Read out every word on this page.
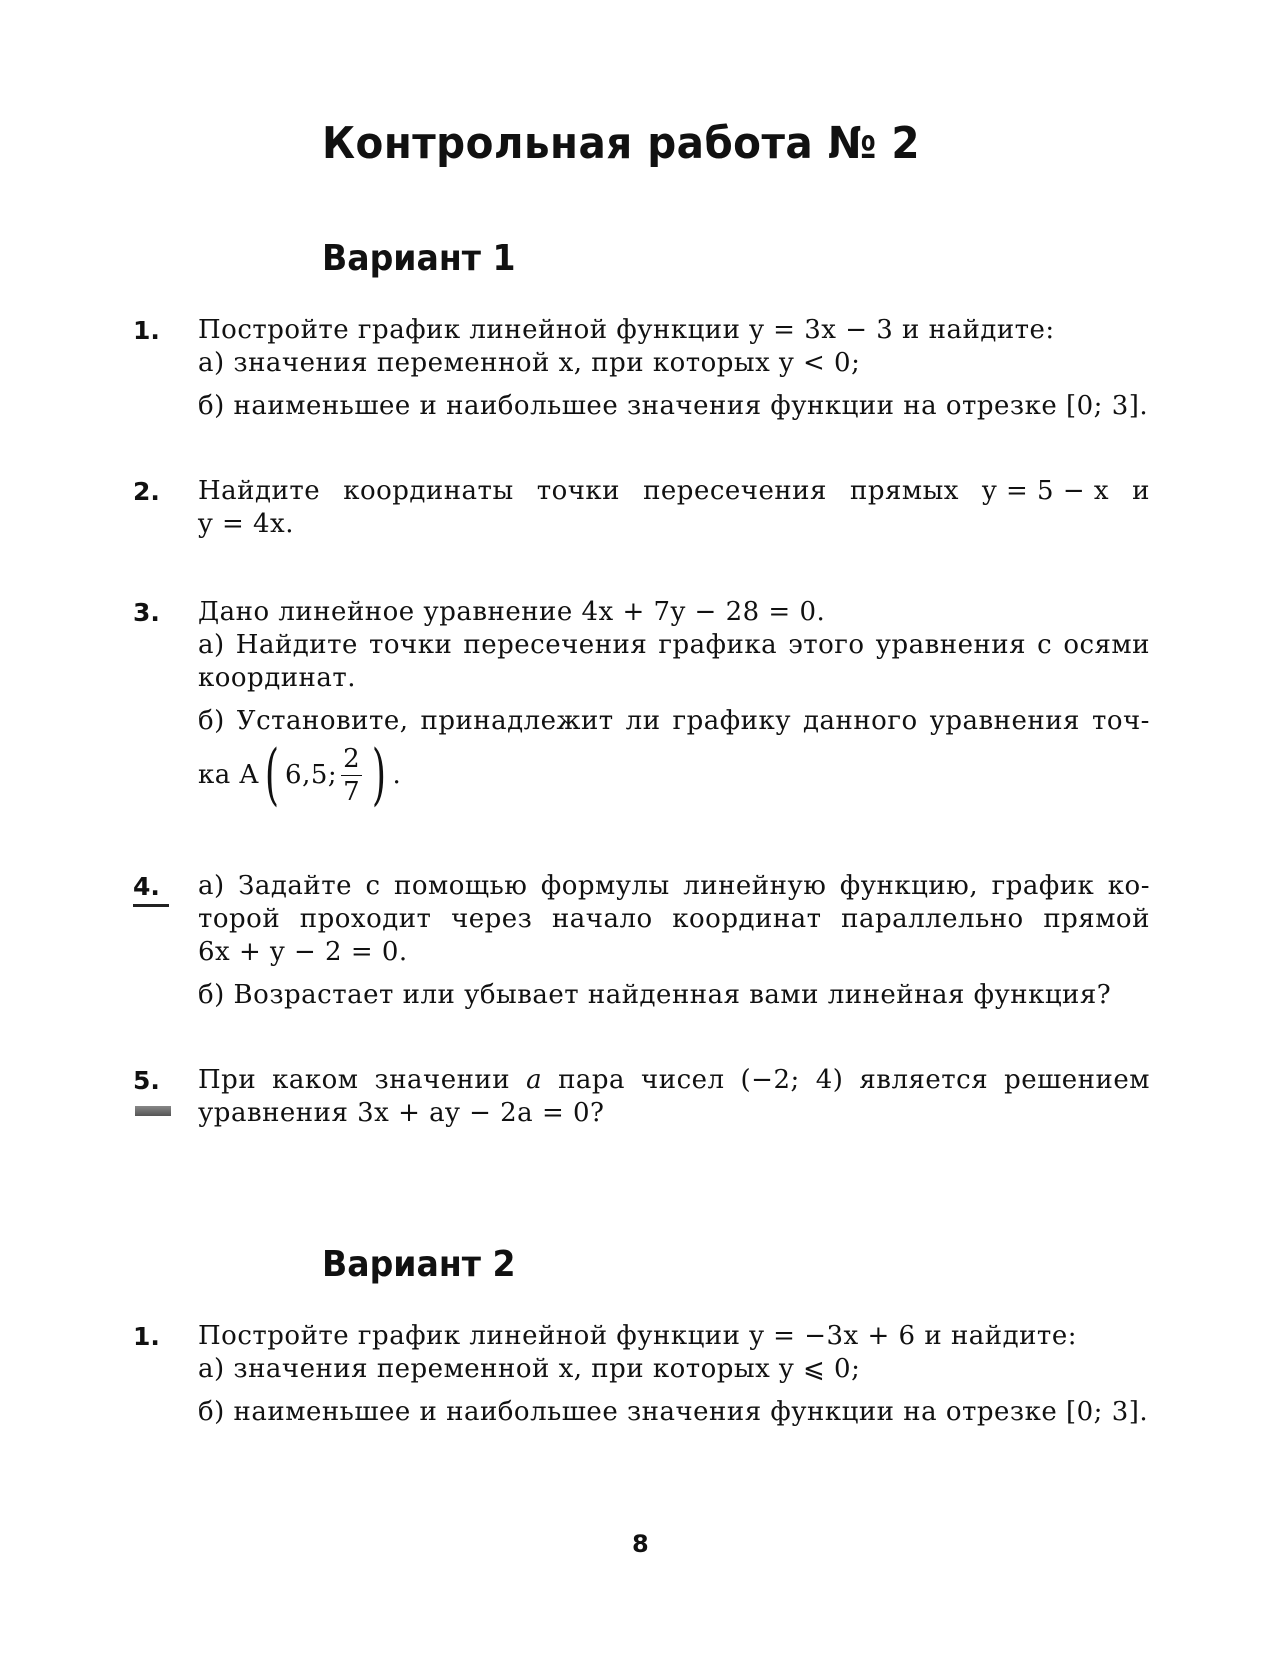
Контрольная работа № 2
Вариант 1
1.	Постройте график линейной функции y = 3x − 3 и найдите:
а) значения переменной x, при которых y < 0;
б) наименьшее и наибольшее значения функции на отрезке [0; 3].
2.	Найдите координаты точки пересечения прямых y = 5 − x и
y = 4x.
3.	Дано линейное уравнение 4x + 7y − 28 = 0.
а) Найдите точки пересечения графика этого уравнения с осями
координат.
б) Установите, принадлежит ли графику данного уравнения точ-
ка A ( 6,5; $\frac{2}{7}$ ) .
4.	а) Задайте с помощью формулы линейную функцию, график ко-
торой проходит через начало координат параллельно прямой
6x + y − 2 = 0.
б) Возрастает или убывает найденная вами линейная функция?
5.	При каком значении a пара чисел (−2; 4) является решением
уравнения 3x + ay − 2a = 0?
Вариант 2
1.	Постройте график линейной функции y = −3x + 6 и найдите:
а) значения переменной x, при которых y ⩽ 0;
б) наименьшее и наибольшее значения функции на отрезке [0; 3].
8
